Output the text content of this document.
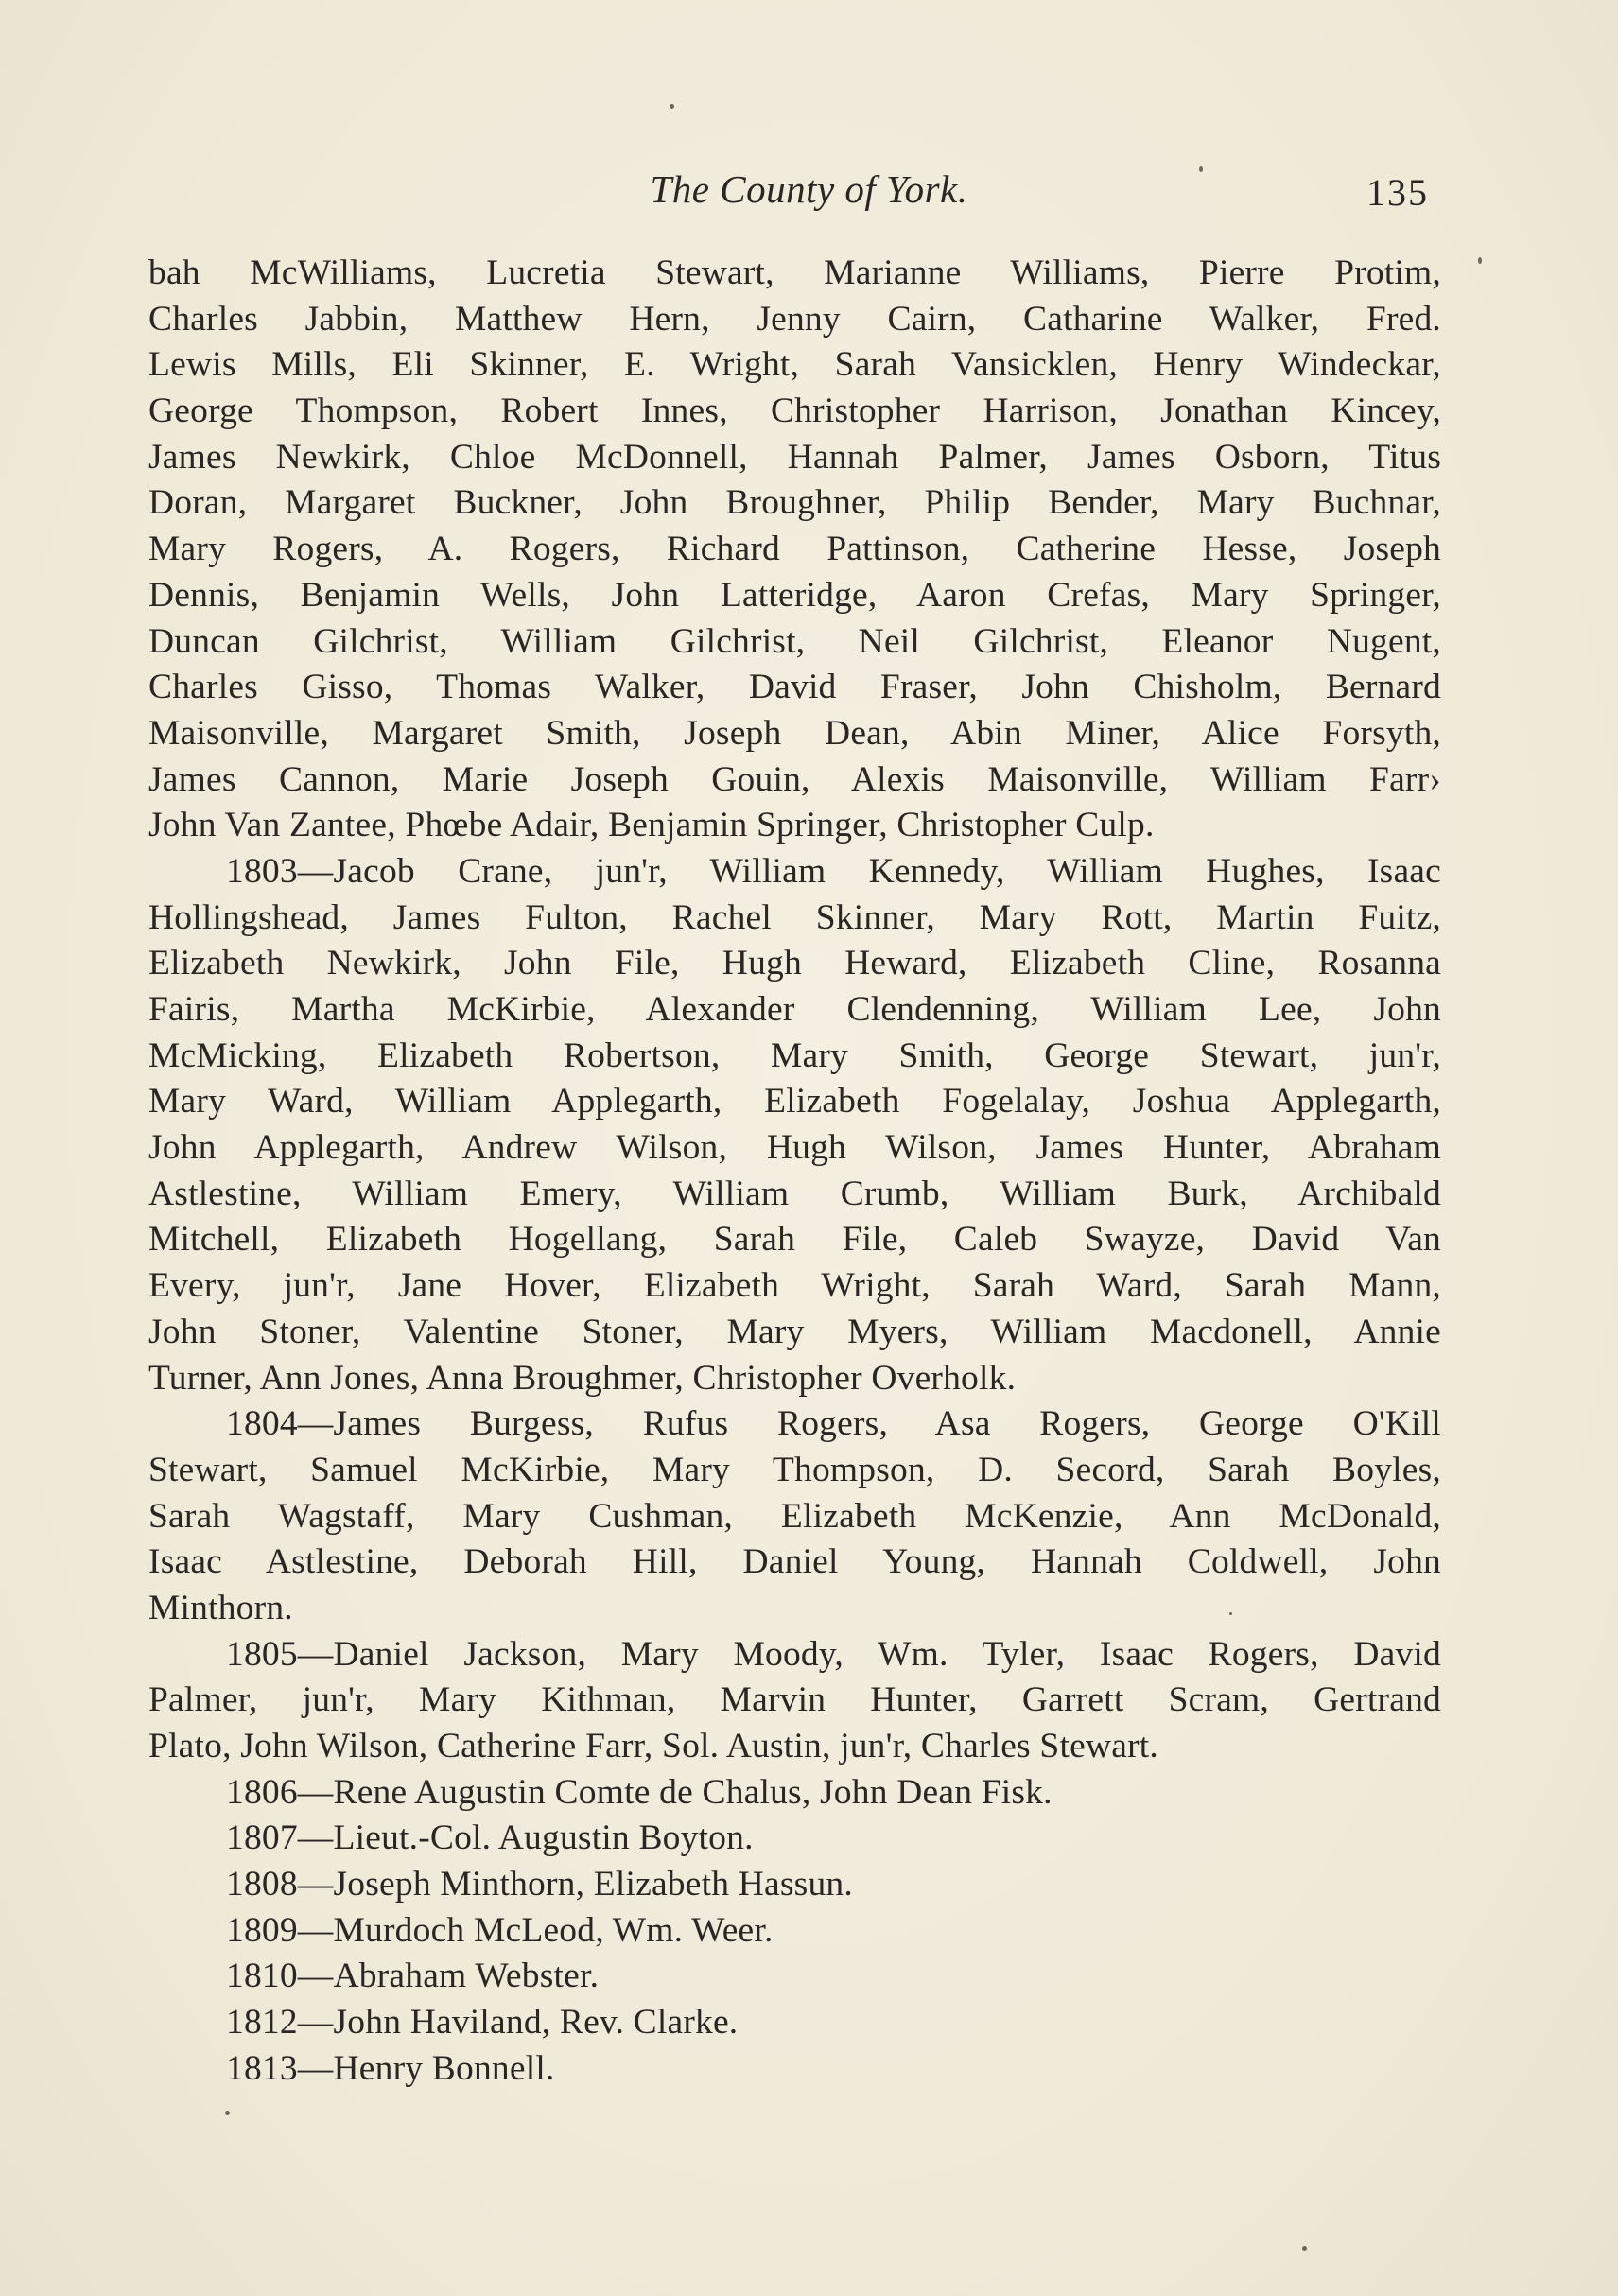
The County of York.	135
bah McWilliams, Lucretia Stewart, Marianne Williams, Pierre Protim,
Charles Jabbin, Matthew Hern, Jenny Cairn, Catharine Walker, Fred.
Lewis Mills, Eli Skinner, E. Wright, Sarah Vansicklen, Henry Windeckar,
George Thompson, Robert Innes, Christopher Harrison, Jonathan Kincey,
James Newkirk, Chloe McDonnell, Hannah Palmer, James Osborn, Titus
Doran, Margaret Buckner, John Broughner, Philip Bender, Mary Buchnar,
Mary Rogers, A. Rogers, Richard Pattinson, Catherine Hesse, Joseph
Dennis, Benjamin Wells, John Latteridge, Aaron Crefas, Mary Springer,
Duncan Gilchrist, William Gilchrist, Neil Gilchrist, Eleanor Nugent,
Charles Gisso, Thomas Walker, David Fraser, John Chisholm, Bernard
Maisonville, Margaret Smith, Joseph Dean, Abin Miner, Alice Forsyth,
James Cannon, Marie Joseph Gouin, Alexis Maisonville, William Farr›
John Van Zantee, Phœbe Adair, Benjamin Springer, Christopher Culp.
1803—Jacob Crane, jun'r, William Kennedy, William Hughes, Isaac
Hollingshead, James Fulton, Rachel Skinner, Mary Rott, Martin Fuitz,
Elizabeth Newkirk, John File, Hugh Heward, Elizabeth Cline, Rosanna
Fairis, Martha McKirbie, Alexander Clendenning, William Lee, John
McMicking, Elizabeth Robertson, Mary Smith, George Stewart, jun'r,
Mary Ward, William Applegarth, Elizabeth Fogelalay, Joshua Applegarth,
John Applegarth, Andrew Wilson, Hugh Wilson, James Hunter, Abraham
Astlestine, William Emery, William Crumb, William Burk, Archibald
Mitchell, Elizabeth Hogellang, Sarah File, Caleb Swayze, David Van
Every, jun'r, Jane Hover, Elizabeth Wright, Sarah Ward, Sarah Mann,
John Stoner, Valentine Stoner, Mary Myers, William Macdonell, Annie
Turner, Ann Jones, Anna Broughmer, Christopher Overholk.
1804—James Burgess, Rufus Rogers, Asa Rogers, George O'Kill
Stewart, Samuel McKirbie, Mary Thompson, D. Secord, Sarah Boyles,
Sarah Wagstaff, Mary Cushman, Elizabeth McKenzie, Ann McDonald,
Isaac Astlestine, Deborah Hill, Daniel Young, Hannah Coldwell, John
Minthorn.
1805—Daniel Jackson, Mary Moody, Wm. Tyler, Isaac Rogers, David
Palmer, jun'r, Mary Kithman, Marvin Hunter, Garrett Scram, Gertrand
Plato, John Wilson, Catherine Farr, Sol. Austin, jun'r, Charles Stewart.
1806—Rene Augustin Comte de Chalus, John Dean Fisk.
1807—Lieut.-Col. Augustin Boyton.
1808—Joseph Minthorn, Elizabeth Hassun.
1809—Murdoch McLeod, Wm. Weer.
1810—Abraham Webster.
1812—John Haviland, Rev. Clarke.
1813—Henry Bonnell.
